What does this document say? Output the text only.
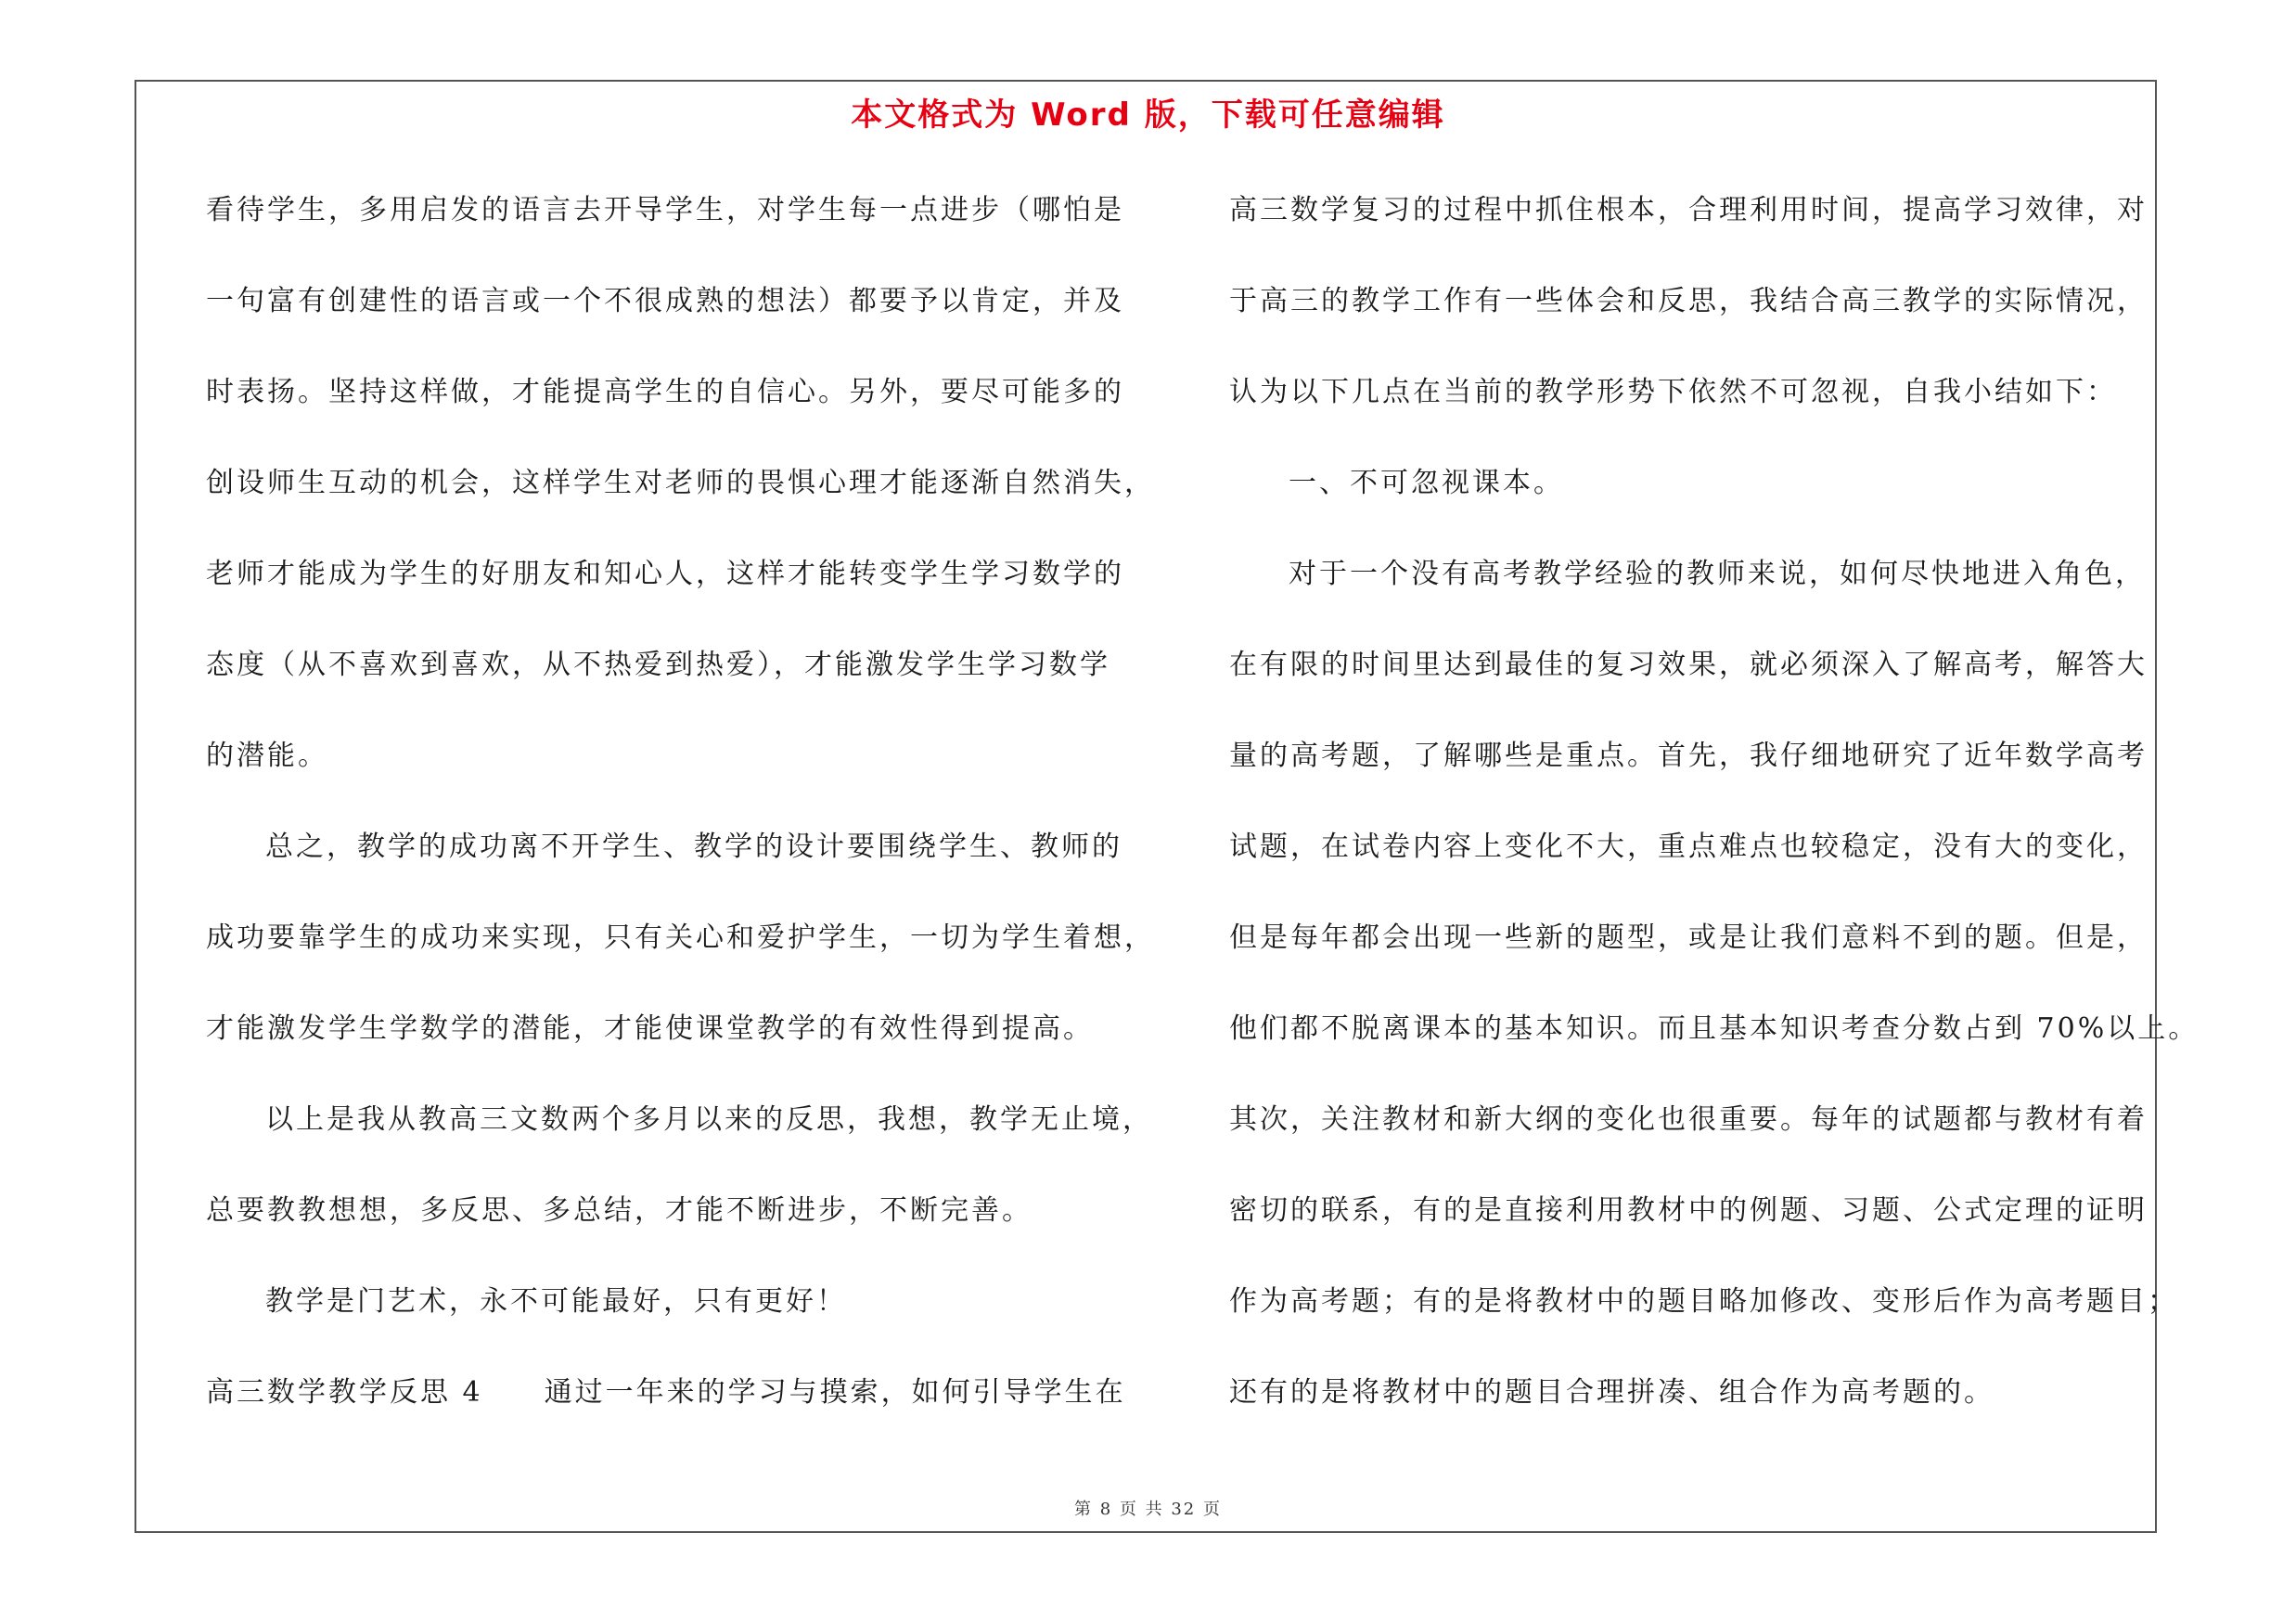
本文格式为 Word 版，下载可任意编辑
看待学生，多用启发的语言去开导学生，对学生每一点进步（哪怕是
一句富有创建性的语言或一个不很成熟的想法）都要予以肯定，并及
时表扬。坚持这样做，才能提高学生的自信心。另外，要尽可能多的
创设师生互动的机会，这样学生对老师的畏惧心理才能逐渐自然消失，
老师才能成为学生的好朋友和知心人，这样才能转变学生学习数学的
态度（从不喜欢到喜欢，从不热爱到热爱），才能激发学生学习数学
的潜能。
总之，教学的成功离不开学生、教学的设计要围绕学生、教师的
成功要靠学生的成功来实现，只有关心和爱护学生，一切为学生着想，
才能激发学生学数学的潜能，才能使课堂教学的有效性得到提高。
以上是我从教高三文数两个多月以来的反思，我想，教学无止境，
总要教教想想，多反思、多总结，才能不断进步，不断完善。
教学是门艺术，永不可能最好，只有更好！
高三数学教学反思 4　　通过一年来的学习与摸索，如何引导学生在
高三数学复习的过程中抓住根本，合理利用时间，提高学习效律，对
于高三的教学工作有一些体会和反思，我结合高三教学的实际情况，
认为以下几点在当前的教学形势下依然不可忽视，自我小结如下：
一、不可忽视课本。
对于一个没有高考教学经验的教师来说，如何尽快地进入角色，
在有限的时间里达到最佳的复习效果，就必须深入了解高考，解答大
量的高考题，了解哪些是重点。首先，我仔细地研究了近年数学高考
试题，在试卷内容上变化不大，重点难点也较稳定，没有大的变化，
但是每年都会出现一些新的题型，或是让我们意料不到的题。但是，
他们都不脱离课本的基本知识。而且基本知识考查分数占到 70%以上。
其次，关注教材和新大纲的变化也很重要。每年的试题都与教材有着
密切的联系，有的是直接利用教材中的例题、习题、公式定理的证明
作为高考题；有的是将教材中的题目略加修改、变形后作为高考题目；
还有的是将教材中的题目合理拼凑、组合作为高考题的。
第 8 页 共 32 页
